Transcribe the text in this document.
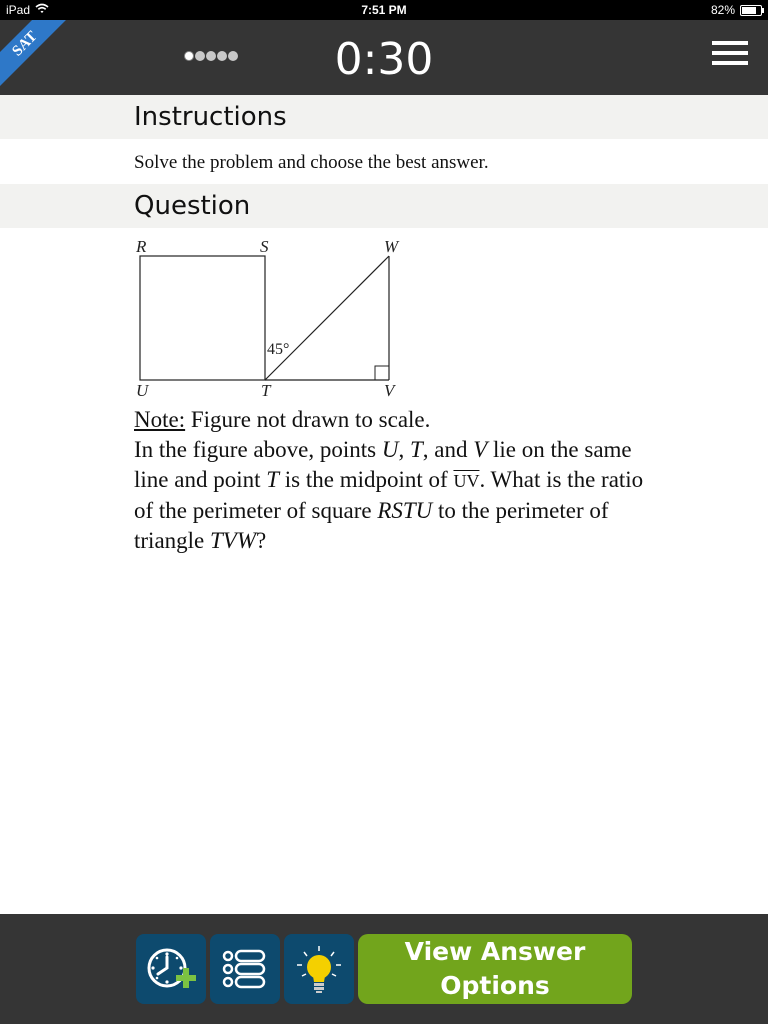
iPad	7:51 PM	82%
SAT	0:30
Instructions
Solve the problem and choose the best answer.
Question
R	S	W
U	T	V
45°
Note: Figure not drawn to scale.
In the figure above, points U, T, and V lie on the same line and point T is the midpoint of $\overline{UV}$. What is the ratio of the perimeter of square RSTU to the perimeter of triangle TVW?
View Answer
Options
